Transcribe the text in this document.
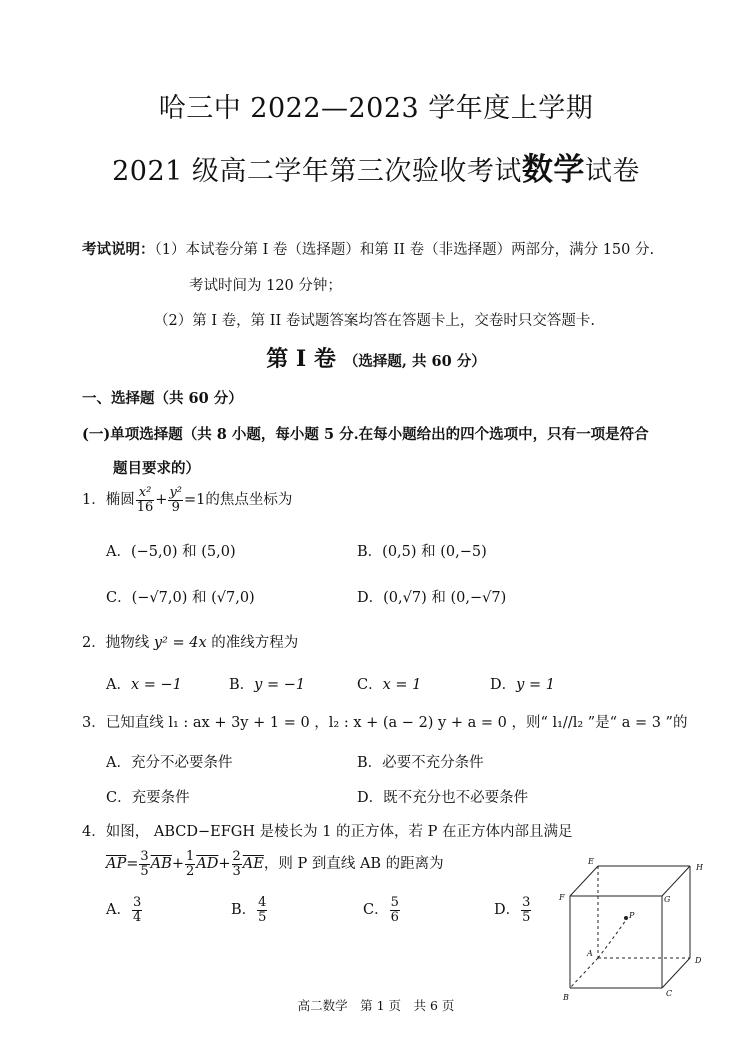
哈三中 2022—2023 学年度上学期
2021 级高二学年第三次验收考试数学试卷
考试说明：（1）本试卷分第 I 卷（选择题）和第 II 卷（非选择题）两部分，满分 150 分.
考试时间为 120 分钟；
（2）第 I 卷，第 II 卷试题答案均答在答题卡上，交卷时只交答题卡.
第 I 卷 （选择题, 共 60 分）
一、选择题（共 60 分）
(一)单项选择题（共 8 小题，每小题 5 分.在每小题给出的四个选项中，只有一项是符合
题目要求的）
1．椭圆 $\frac{\text{x²}}{16} + \frac{\text{y²}}{9} =1$的焦点坐标为
A．(−5,0) 和 (5,0)	B．(0,5) 和 (0,−5)
C．(−√7,0) 和 (√7,0)	D．(0,√7) 和 (0,−√7)
2．抛物线 y² = 4x 的准线方程为
A．x = −1	B．y = −1	C．x = 1	D．y = 1
3．已知直线 l₁ : ax + 3y + 1 = 0 ，l₂ : x + (a − 2) y + a = 0 ，则“ l₁//l₂ ”是“ a = 3 ”的
A．充分不必要条件	B．必要不充分条件
C．充要条件	D．既不充分也不必要条件
4．如图， ABCD−EFGH 是棱长为 1 的正方体，若 P 在正方体内部且满足
$\overline{AP}= \frac{3}{5} \overline{AB}+ \frac{1}{2} \overline{AD}+ \frac{2}{3} \overline{AE}$，则 P 到直线 AB 的距离为
A． $\frac{3}{4}$	B． $\frac{4}{5}$	C． $\frac{5}{6}$	D． $\frac{3}{5}$
E
H
F	G
P
A
D
B	C
高二数学　第 1 页　共 6 页
